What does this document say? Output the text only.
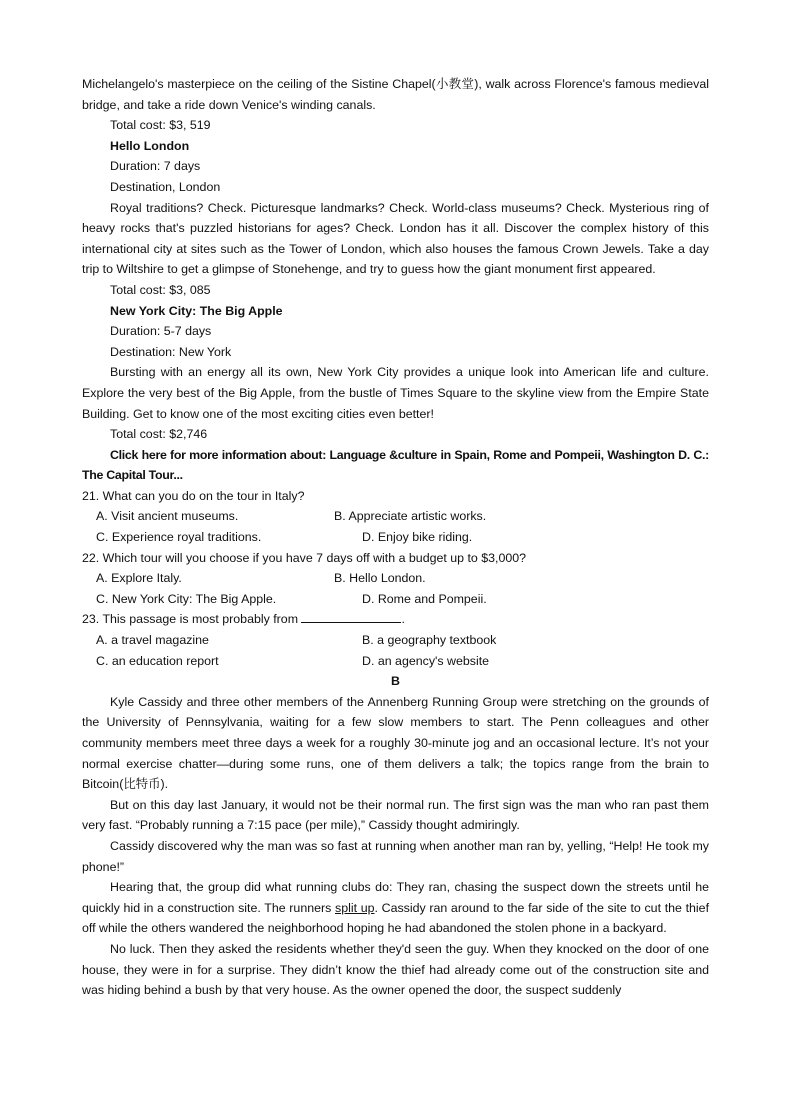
Michelangelo's masterpiece on the ceiling of the Sistine Chapel(小教堂), walk across Florence's famous medieval bridge, and take a ride down Venice's winding canals.

Total cost: $3, 519

Hello London

Duration: 7 days

Destination, London

Royal traditions? Check. Picturesque landmarks? Check. World-class museums? Check. Mysterious ring of heavy rocks that's puzzled historians for ages? Check. London has it all. Discover the complex history of this international city at sites such as the Tower of London, which also houses the famous Crown Jewels. Take a day trip to Wiltshire to get a glimpse of Stonehenge, and try to guess how the giant monument first appeared.

Total cost: $3, 085

New York City: The Big Apple

Duration: 5-7 days

Destination: New York

Bursting with an energy all its own, New York City provides a unique look into American life and culture. Explore the very best of the Big Apple, from the bustle of Times Square to the skyline view from the Empire State Building. Get to know one of the most exciting cities even better!

Total cost: $2,746

Click here for more information about: Language &culture in Spain, Rome and Pompeii, Washington D. C.: The Capital Tour...

21. What can you do on the tour in Italy?

A. Visit ancient museums.	B. Appreciate artistic works.
C. Experience royal traditions.	D. Enjoy bike riding.

22. Which tour will you choose if you have 7 days off with a budget up to $3,000?

A. Explore Italy.	B. Hello London.
C. New York City: The Big Apple.	D. Rome and Pompeii.

23. This passage is most probably from	.

A. a travel magazine	B. a geography textbook
C. an education report	D. an agency's website
B

Kyle Cassidy and three other members of the Annenberg Running Group were stretching on the grounds of the University of Pennsylvania, waiting for a few slow members to start. The Penn colleagues and other community members meet three days a week for a roughly 30-minute jog and an occasional lecture. It’s not your normal exercise chatter—during some runs, one of them delivers a talk; the topics range from the brain to Bitcoin(比特币).

But on this day last January, it would not be their normal run. The first sign was the man who ran past them very fast. “Probably running a 7:15 pace (per mile),” Cassidy thought admiringly.

Cassidy discovered why the man was so fast at running when another man ran by, yelling, “Help! He took my phone!”

Hearing that, the group did what running clubs do: They ran, chasing the suspect down the streets until he quickly hid in a construction site. The runners split up. Cassidy ran around to the far side of the site to cut the thief off while the others wandered the neighborhood hoping he had abandoned the stolen phone in a backyard.

No luck. Then they asked the residents whether they'd seen the guy. When they knocked on the door of one house, they were in for a surprise. They didn’t know the thief had already come out of the construction site and was hiding behind a bush by that very house. As the owner opened the door, the suspect suddenly
